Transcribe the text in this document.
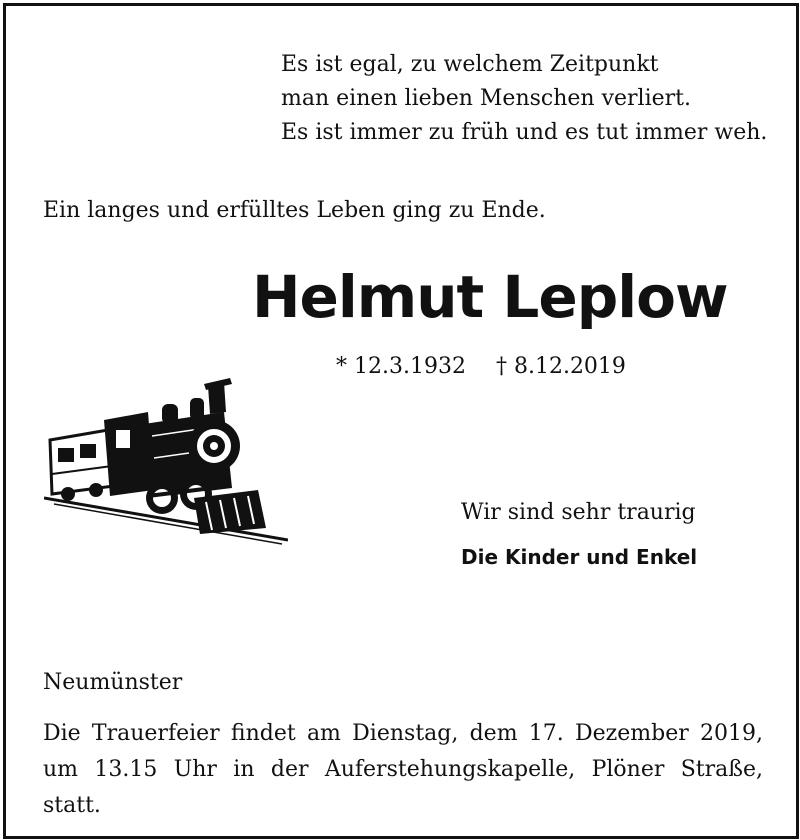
Es ist egal, zu welchem Zeitpunkt
man einen lieben Menschen verliert.
Es ist immer zu früh und es tut immer weh.
Ein langes und erfülltes Leben ging zu Ende.
Helmut Leplow
* 12.3.1932 † 8.12.2019
Wir sind sehr traurig
Die Kinder und Enkel
Neumünster
Die Trauerfeier findet am Dienstag, dem 17. Dezember 2019,
um 13.15 Uhr in der Auferstehungskapelle, Plöner Straße,
statt.
